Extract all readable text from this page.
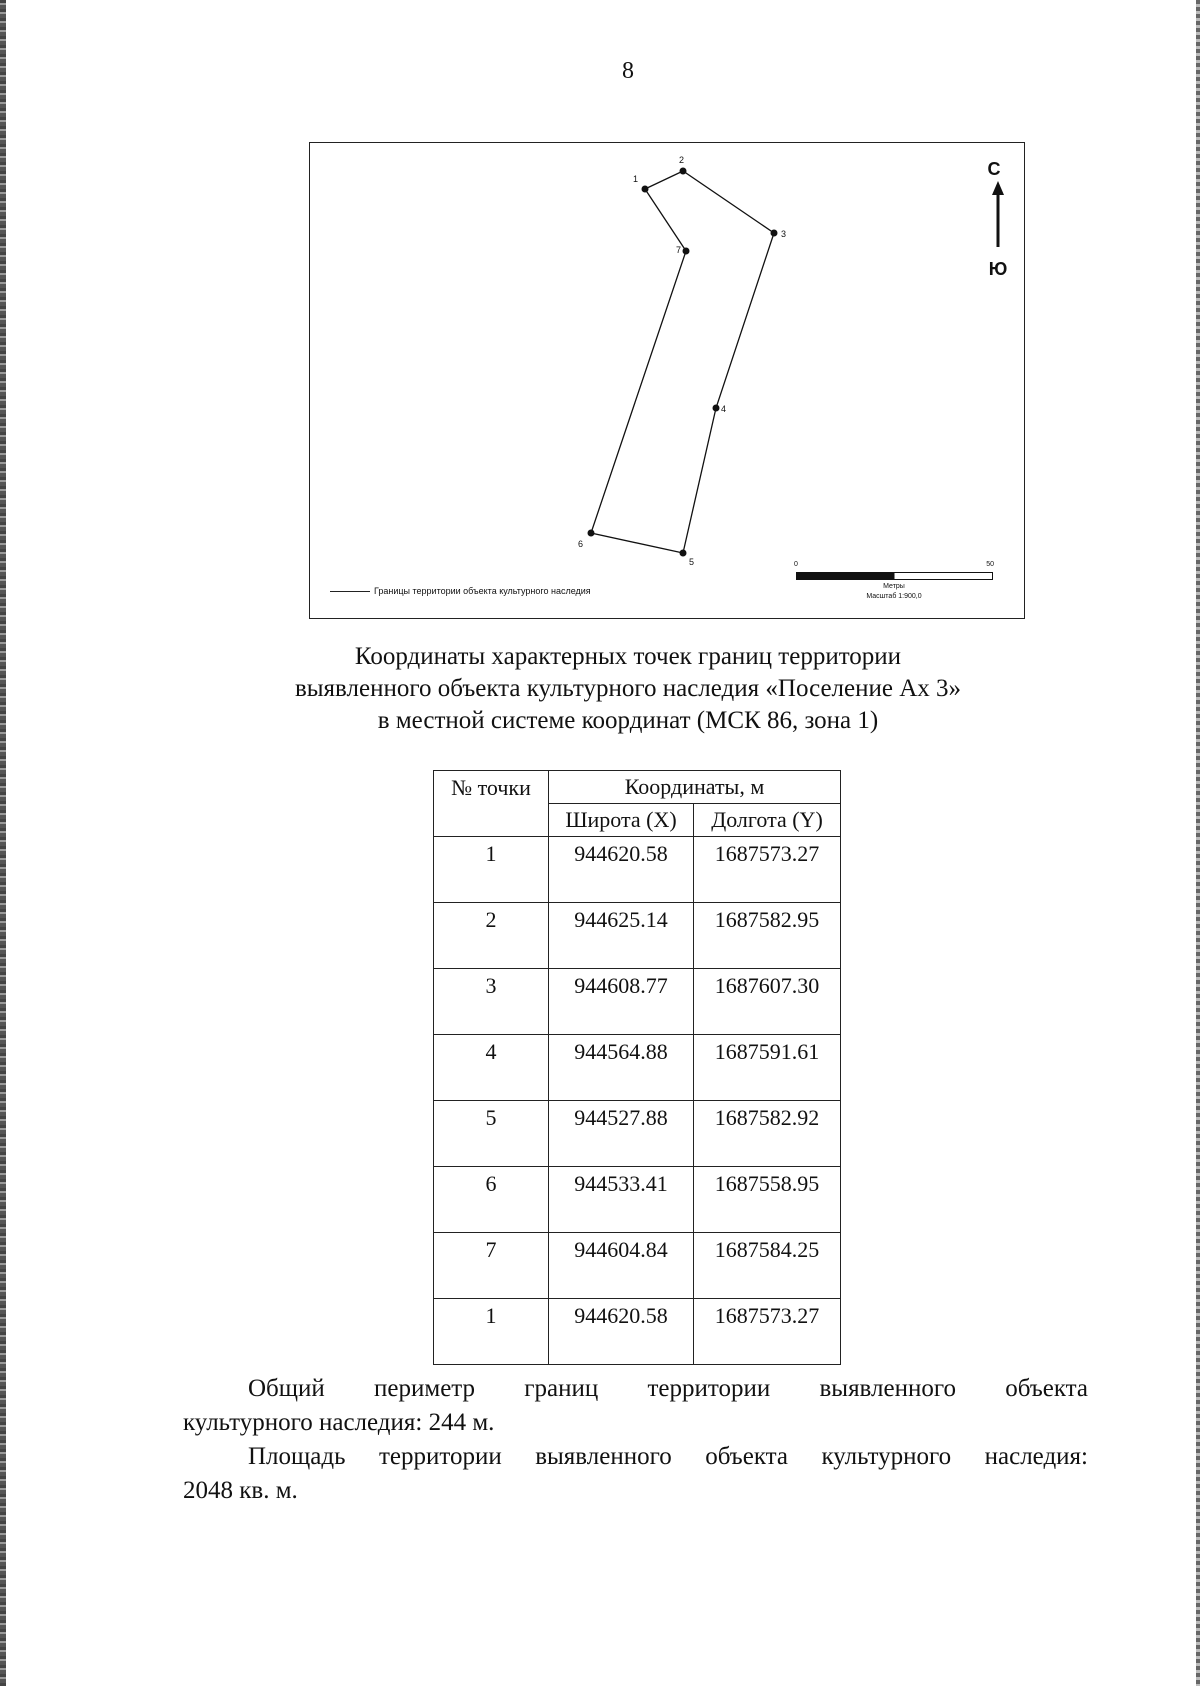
8
1
2
3
4
5
6
7
С
Ю
Границы территории объекта культурного наследия
0	50
Метры
Масштаб 1:900,0
Координаты характерных точек границ территории
выявленного объекта культурного наследия «Поселение Ах 3»
в местной системе координат (МСК 86, зона 1)
№ точки	Координаты, м	
	Широта (X)	Долгота (Y)
1	944620.58	1687573.27
2	944625.14	1687582.95
3	944608.77	1687607.30
4	944564.88	1687591.61
5	944527.88	1687582.92
6	944533.41	1687558.95
7	944604.84	1687584.25
1	944620.58	1687573.27
Общий периметр границ территории выявленного объекта
культурного наследия: 244 м.
Площадь территории выявленного объекта культурного наследия:
2048 кв. м.
